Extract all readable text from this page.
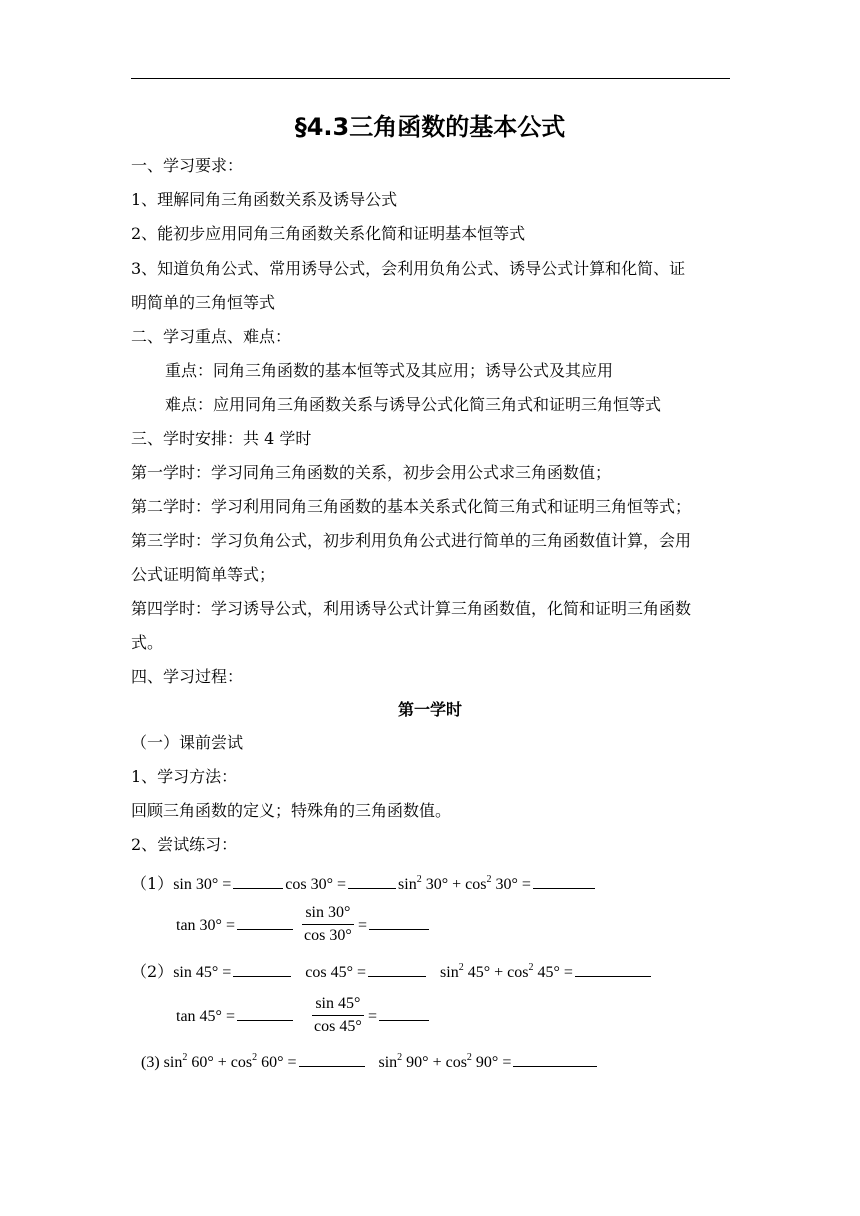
§4.3三角函数的基本公式
一、学习要求：
1、理解同角三角函数关系及诱导公式
2、能初步应用同角三角函数关系化简和证明基本恒等式
3、知道负角公式、常用诱导公式，会利用负角公式、诱导公式计算和化简、证
明简单的三角恒等式
二、学习重点、难点：
重点：同角三角函数的基本恒等式及其应用；诱导公式及其应用
难点：应用同角三角函数关系与诱导公式化简三角式和证明三角恒等式
三、学时安排：共 4 学时
第一学时：学习同角三角函数的关系，初步会用公式求三角函数值；
第二学时：学习利用同角三角函数的基本关系式化简三角式和证明三角恒等式；
第三学时：学习负角公式，初步利用负角公式进行简单的三角函数值计算，会用
公式证明简单等式；
第四学时：学习诱导公式，利用诱导公式计算三角函数值，化简和证明三角函数
式。
四、学习过程：
第一学时
（一）课前尝试
1、学习方法：
回顾三角函数的定义；特殊角的三角函数值。
2、尝试练习：
（1）sin 30° =	cos 30° =	$\sin^2 30^\circ + \cos^2 30^\circ$ =
tan 30° =
sin 30°
cos 30°
=
（2）sin 45° =	cos 45° =	$\sin^2 45^\circ + \cos^2 45^\circ$ =
tan 45° =
sin 45°
cos 45°
=
(3) $\sin^2 60^\circ + \cos^2 60^\circ$ =	$\sin^2 90^\circ + \cos^2 90^\circ$ =
